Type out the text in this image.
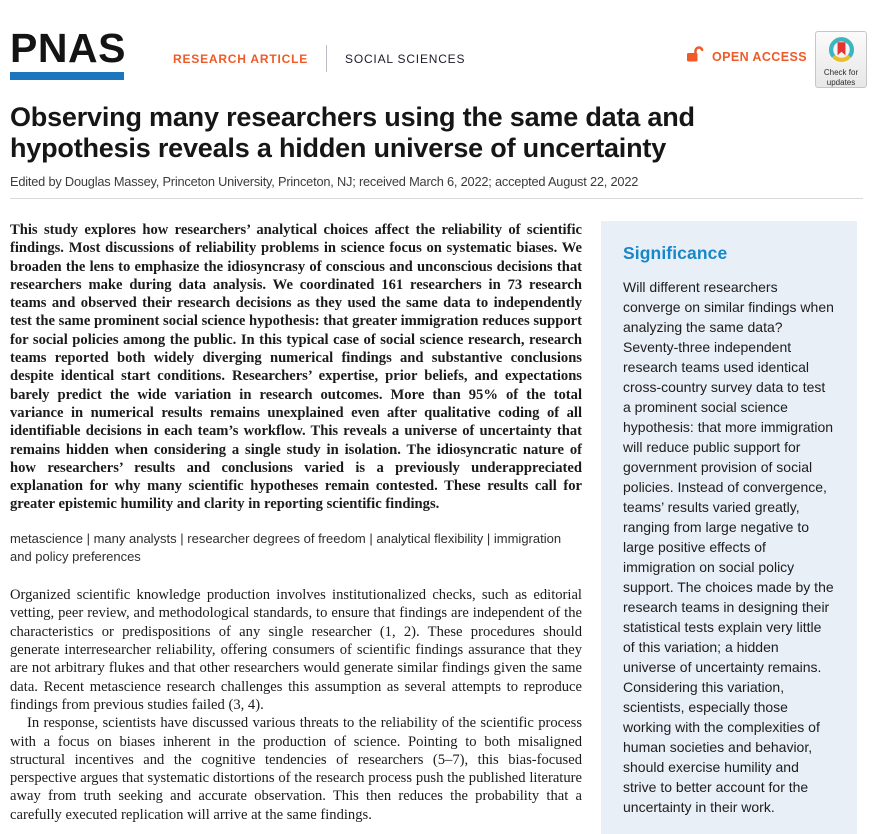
PNAS	RESEARCH ARTICLE	SOCIAL SCIENCES	OPEN ACCESS
Check for
updates
Observing many researchers using the same data and hypothesis reveals a hidden universe of uncertainty
Edited by Douglas Massey, Princeton University, Princeton, NJ; received March 6, 2022; accepted August 22, 2022

This study explores how researchers’ analytical choices affect the reliability of scientific findings. Most discussions of reliability problems in science focus on systematic biases. We broaden the lens to emphasize the idiosyncrasy of conscious and unconscious decisions that researchers make during data analysis. We coordinated 161 researchers in 73 research teams and observed their research decisions as they used the same data to independently test the same prominent social science hypothesis: that greater immigration reduces support for social policies among the public. In this typical case of social science research, research teams reported both widely diverging numerical findings and substantive conclusions despite identical start conditions. Researchers’ expertise, prior beliefs, and expectations barely predict the wide variation in research outcomes. More than 95% of the total variance in numerical results remains unexplained even after qualitative coding of all identifiable decisions in each team’s workflow. This reveals a universe of uncertainty that remains hidden when considering a single study in isolation. The idiosyncratic nature of how researchers’ results and conclusions varied is a previously underappreciated explanation for why many scientific hypotheses remain contested. These results call for greater epistemic humility and clarity in reporting scientific findings.

metascience | many analysts | researcher degrees of freedom | analytical flexibility | immigration and policy preferences

Organized scientific knowledge production involves institutionalized checks, such as editorial vetting, peer review, and methodological standards, to ensure that findings are independent of the characteristics or predispositions of any single researcher (1, 2). These procedures should generate interresearcher reliability, offering consumers of scientific findings assurance that they are not arbitrary flukes and that other researchers would generate similar findings given the same data. Recent metascience research challenges this assumption as several attempts to reproduce findings from previous studies failed (3, 4).

In response, scientists have discussed various threats to the reliability of the scientific process with a focus on biases inherent in the production of science. Pointing to both misaligned structural incentives and the cognitive tendencies of researchers (5–7), this bias-focused perspective argues that systematic distortions of the research process push the published literature away from truth seeking and accurate observation. This then reduces the probability that a carefully executed replication will arrive at the same findings.

Significance
Will different researchers converge on similar findings when analyzing the same data? Seventy-three independent research teams used identical cross-country survey data to test a prominent social science hypothesis: that more immigration will reduce public support for government provision of social policies. Instead of convergence, teams’ results varied greatly, ranging from large negative to large positive effects of immigration on social policy support. The choices made by the research teams in designing their statistical tests explain very little of this variation; a hidden universe of uncertainty remains. Considering this variation, scientists, especially those working with the complexities of human societies and behavior, should exercise humility and strive to better account for the uncertainty in their work.
